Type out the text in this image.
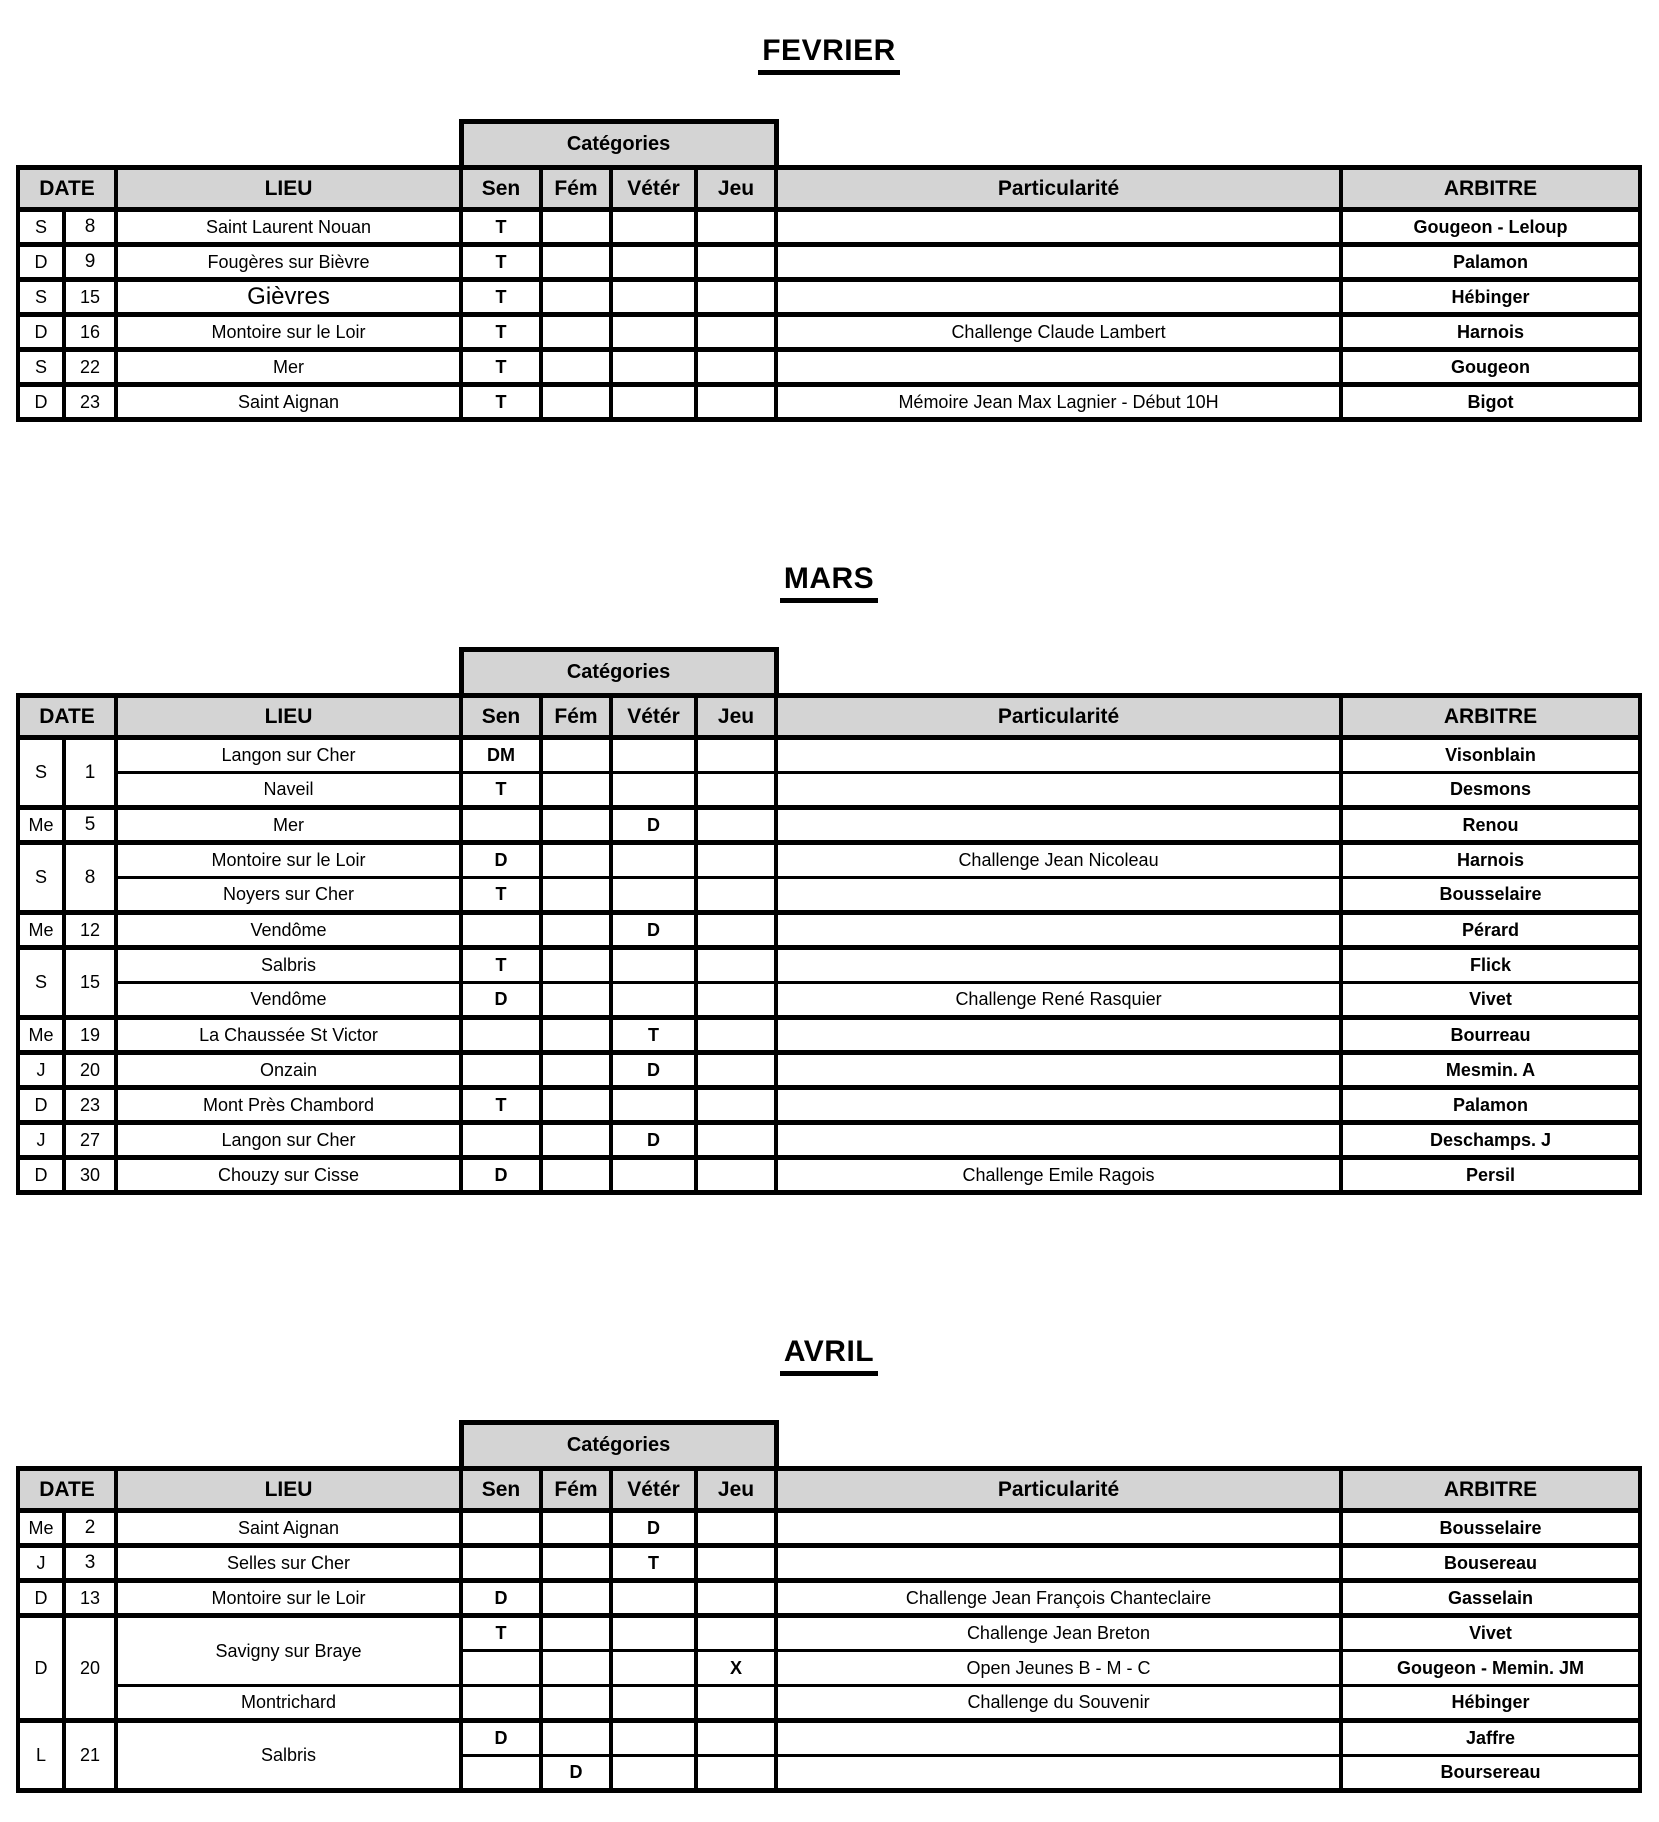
FEVRIER
			Catégories					
DATE		LIEU	Sen	Fém	Vétér	Jeu	Particularité	ARBITRE
S	8	Saint Laurent Nouan	T					Gougeon - Leloup
D	9	Fougères sur Bièvre	T					Palamon
S	15	Gièvres	T					Hébinger
D	16	Montoire sur le Loir	T				Challenge Claude Lambert	Harnois
S	22	Mer	T					Gougeon
D	23	Saint Aignan	T				Mémoire Jean Max Lagnier - Début 10H	Bigot
MARS
			Catégories					
DATE		LIEU	Sen	Fém	Vétér	Jeu	Particularité	ARBITRE
S	1	Langon sur Cher	DM					Visonblain
		Naveil	T					Desmons
Me	5	Mer			D			Renou
S	8	Montoire sur le Loir	D				Challenge Jean Nicoleau	Harnois
		Noyers sur Cher	T					Bousselaire
Me	12	Vendôme			D			Pérard
S	15	Salbris	T					Flick
		Vendôme	D				Challenge René Rasquier	Vivet
Me	19	La Chaussée St Victor			T			Bourreau
J	20	Onzain			D			Mesmin. A
D	23	Mont Près Chambord	T					Palamon
J	27	Langon sur Cher			D			Deschamps. J
D	30	Chouzy sur Cisse	D				Challenge Emile Ragois	Persil
AVRIL
			Catégories					
DATE		LIEU	Sen	Fém	Vétér	Jeu	Particularité	ARBITRE
Me	2	Saint Aignan			D			Bousselaire
J	3	Selles sur Cher			T			Bousereau
D	13	Montoire sur le Loir	D				Challenge Jean François Chanteclaire	Gasselain
D	20	Savigny sur Braye	T				Challenge Jean Breton	Vivet
						X	Open Jeunes B - M - C	Gougeon - Memin. JM
		Montrichard					Challenge du Souvenir	Hébinger
L	21	Salbris	D					Jaffre
				D				Boursereau
